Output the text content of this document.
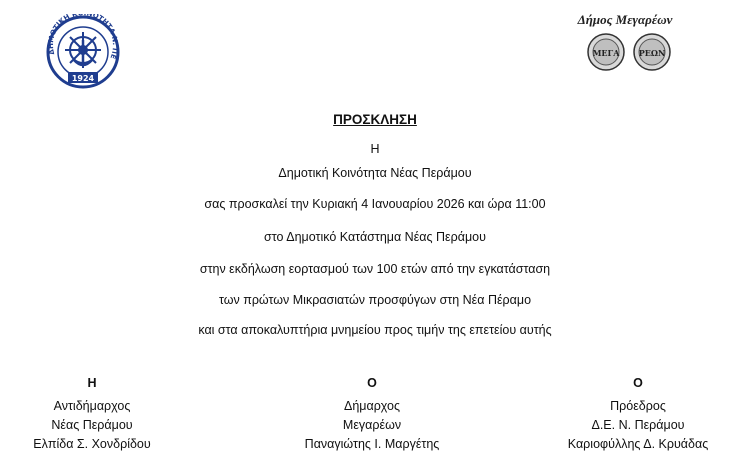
ΔΗΜΟΤΙΚΗ Κ ΟΤΗΤΑ Ν. ΠΕ
1924
Δήμος Μεγαρέων
ΜΕΓΑ ΡΕΩΝ
ΠΡΟΣΚΛΗΣΗ
Η
Δημοτική Κοινότητα Νέας Περάμου
σας προσκαλεί την Κυριακή 4 Ιανουαρίου 2026 και ώρα 11:00
στο Δημοτικό Κατάστημα Νέας Περάμου
στην εκδήλωση εορτασμού των 100 ετών από την εγκατάσταση
των πρώτων Μικρασιατών προσφύγων στη Νέα Πέραμο
και στα αποκαλυπτήρια μνημείου προς τιμήν της επετείου αυτής
Η
Αντιδήμαρχος
Νέας Περάμου
Ελπίδα Σ. Χονδρίδου
Ο
Δήμαρχος
Μεγαρέων
Παναγιώτης Ι. Μαργέτης
Ο
Πρόεδρος
Δ.Ε. Ν. Περάμου
Καριοφύλλης Δ. Κρυάδας
